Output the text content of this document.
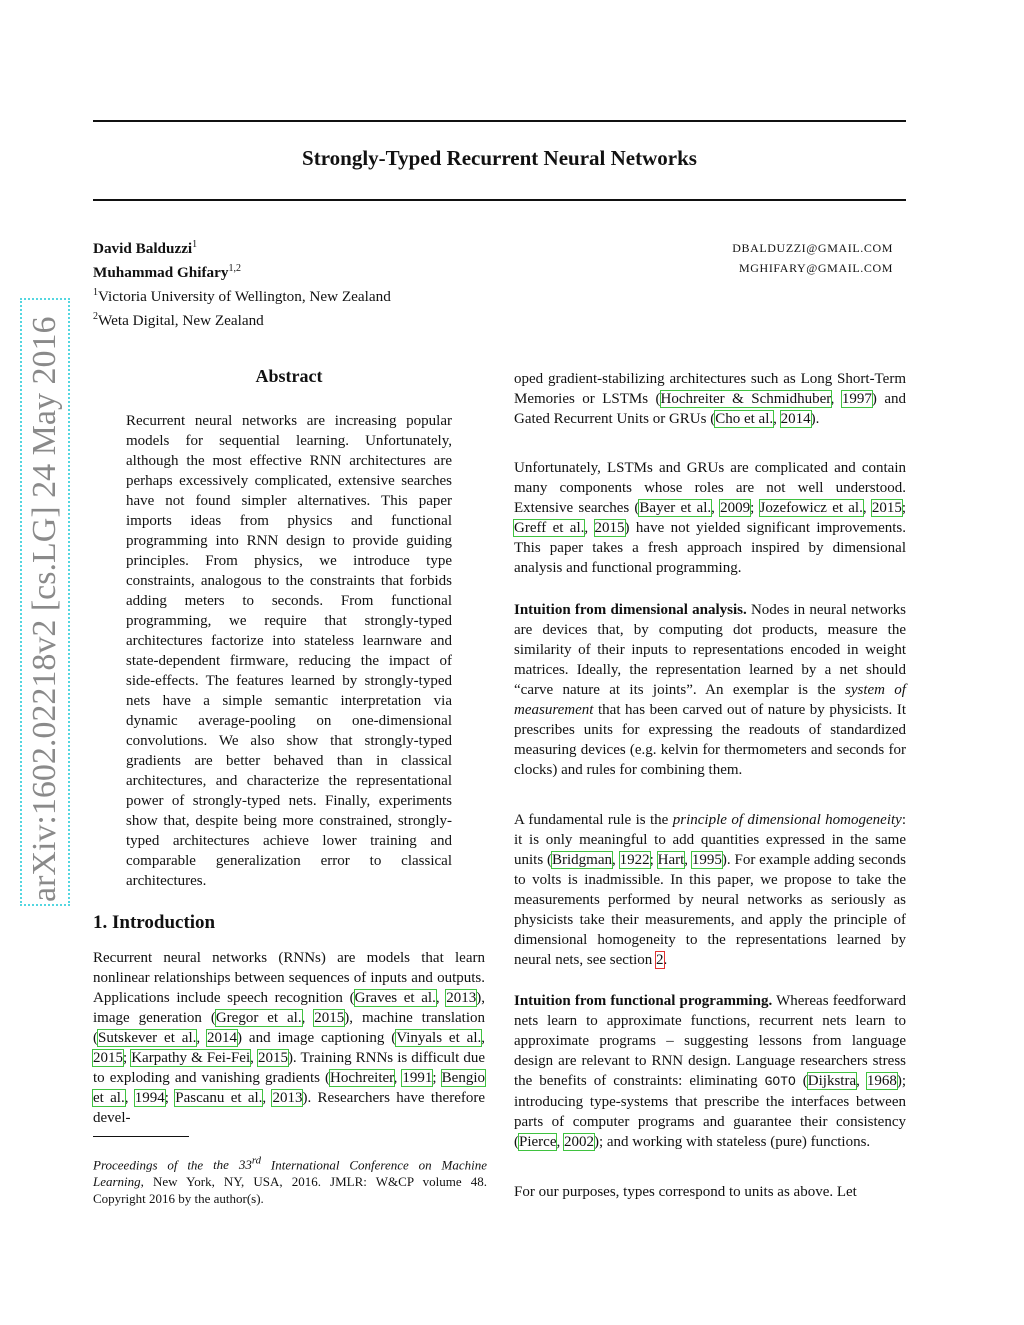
Strongly-Typed Recurrent Neural Networks
arXiv:1602.02218v2 [cs.LG] 24 May 2016
David Balduzzi$^1$
Muhammad Ghifary$^{1,2}$
$^1$Victoria University of Wellington, New Zealand
$^2$Weta Digital, New Zealand
DBALDUZZI@GMAIL.COM
MGHIFARY@GMAIL.COM
Abstract

Recurrent neural networks are increasing popular models for sequential learning. Unfortunately, although the most effective RNN architectures are perhaps excessively complicated, extensive searches have not found simpler alternatives. This paper imports ideas from physics and functional programming into RNN design to provide guiding principles. From physics, we introduce type constraints, analogous to the constraints that forbids adding meters to seconds. From functional programming, we require that strongly-typed architectures factorize into stateless learnware and state-dependent firmware, reducing the impact of side-effects. The features learned by strongly-typed nets have a simple semantic interpretation via dynamic average-pooling on one-dimensional convolutions. We also show that strongly-typed gradients are better behaved than in classical architectures, and characterize the representational power of strongly-typed nets. Finally, experiments show that, despite being more constrained, strongly-typed architectures achieve lower training and comparable generalization error to classical architectures.

1. Introduction

Recurrent neural networks (RNNs) are models that learn nonlinear relationships between sequences of inputs and outputs. Applications include speech recognition (Graves et al., 2013), image generation (Gregor et al., 2015), machine translation (Sutskever et al., 2014) and image captioning (Vinyals et al., 2015; Karpathy & Fei-Fei, 2015). Training RNNs is difficult due to exploding and vanishing gradients (Hochreiter, 1991; Bengio et al., 1994; Pascanu et al., 2013). Researchers have therefore devel-

Proceedings of the the 33rd International Conference on Machine Learning, New York, NY, USA, 2016. JMLR: W&CP volume 48. Copyright 2016 by the author(s).

oped gradient-stabilizing architectures such as Long Short-Term Memories or LSTMs (Hochreiter & Schmidhuber, 1997) and Gated Recurrent Units or GRUs (Cho et al., 2014).

Unfortunately, LSTMs and GRUs are complicated and contain many components whose roles are not well understood. Extensive searches (Bayer et al., 2009; Jozefowicz et al., 2015; Greff et al., 2015) have not yielded significant improvements. This paper takes a fresh approach inspired by dimensional analysis and functional programming.

Intuition from dimensional analysis. Nodes in neural networks are devices that, by computing dot products, measure the similarity of their inputs to representations encoded in weight matrices. Ideally, the representation learned by a net should “carve nature at its joints”. An exemplar is the system of measurement that has been carved out of nature by physicists. It prescribes units for expressing the readouts of standardized measuring devices (e.g. kelvin for thermometers and seconds for clocks) and rules for combining them.

A fundamental rule is the principle of dimensional homogeneity: it is only meaningful to add quantities expressed in the same units (Bridgman, 1922; Hart, 1995). For example adding seconds to volts is inadmissible. In this paper, we propose to take the measurements performed by neural networks as seriously as physicists take their measurements, and apply the principle of dimensional homogeneity to the representations learned by neural nets, see section 2.

Intuition from functional programming. Whereas feedforward nets learn to approximate functions, recurrent nets learn to approximate programs – suggesting lessons from language design are relevant to RNN design. Language researchers stress the benefits of constraints: eliminating GOTO (Dijkstra, 1968); introducing type-systems that prescribe the interfaces between parts of computer programs and guarantee their consistency (Pierce, 2002); and working with stateless (pure) functions.

For our purposes, types correspond to units as above. Let
